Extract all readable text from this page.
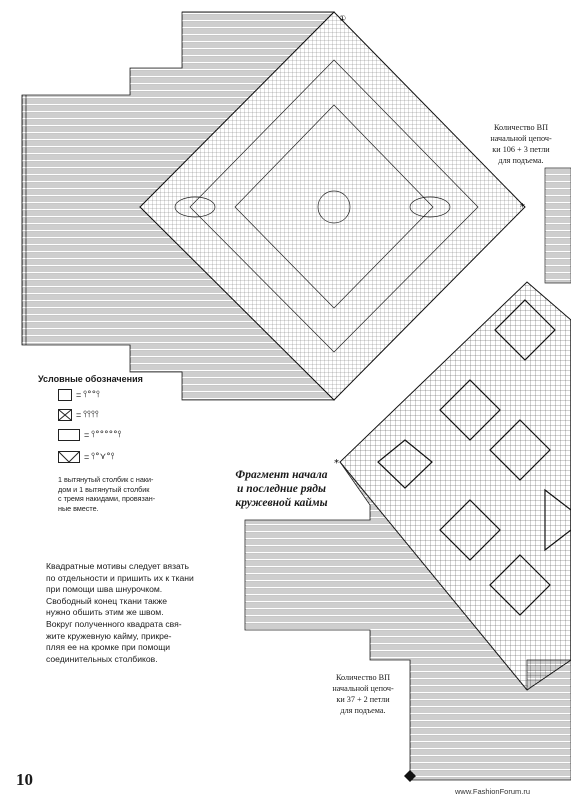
①
*
*
Количество ВП
начальной цепоч-
ки 106 + 3 петли
для подъема.
Количество ВП
начальной цепоч-
ки 37 + 2 петли
для подъема.
Условные обозначения
= ⫯°°⫯
= ⫯⫯⫯⫯
= ⫯°°°°°⫯
= ⫯°⋎°⫯
1 вытянутый столбик с наки-
дом и 1 вытянутый столбик
с тремя накидами, провязан-
ные вместе.
Фрагмент начала
и последние ряды
кружевной каймы
Квадратные мотивы следует вязать
по отдельности и пришить их к ткани
при помощи шва шнурочком.
Свободный конец ткани также
нужно обшить этим же швом.
Вокруг полученного квадрата свя-
жите кружевную кайму, прикре-
пляя ее на кромке при помощи
соединительных столбиков.
10
www.FashionForum.ru
